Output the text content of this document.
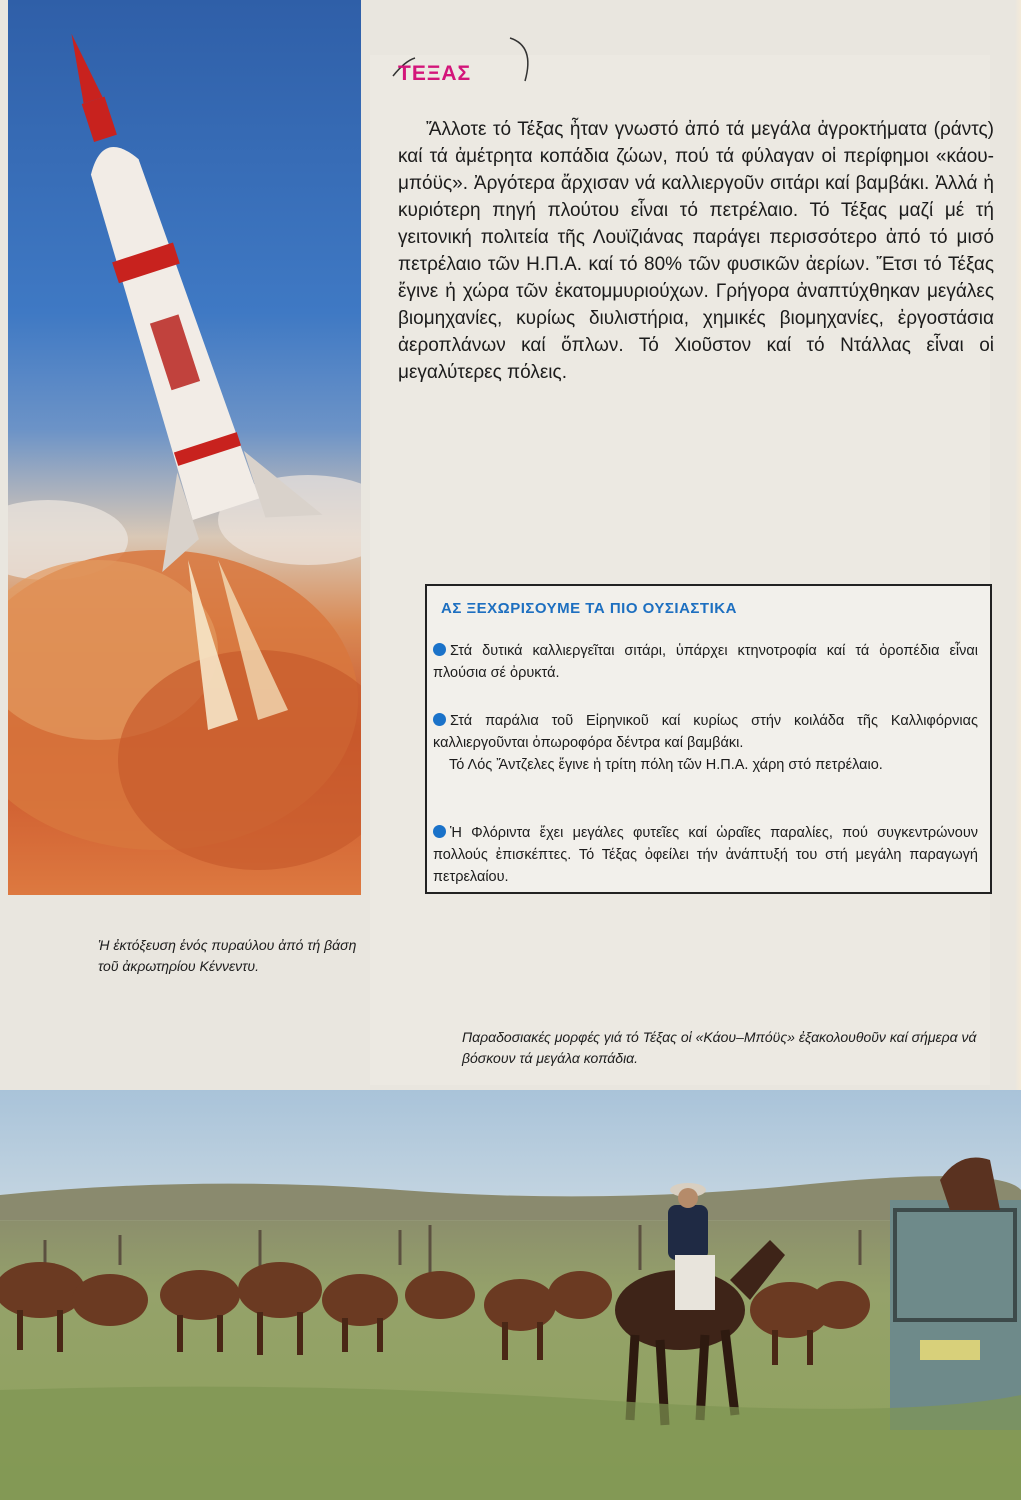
ΤΕΞΑΣ

Ἄλλοτε τό Τέξας ἦταν γνωστό ἀπό τά μεγάλα ἀγροκτήματα (ράντς) καί τά ἀμέτρητα κοπάδια ζώων, πού τά φύλαγαν οἱ περίφημοι «κάου-μπόϋς». Ἀργότερα ἄρχισαν νά καλλιεργοῦν σιτάρι καί βαμβάκι. Ἀλλά ἡ κυριότερη πηγή πλούτου εἶναι τό πετρέλαιο. Τό Τέξας μαζί μέ τή γειτονική πολιτεία τῆς Λουϊζιάνας παράγει περισσότερο ἀπό τό μισό πετρέλαιο τῶν Η.Π.Α. καί τό 80% τῶν φυσικῶν ἀερίων. Ἔτσι τό Τέξας ἔγινε ἡ χώρα τῶν ἑκατομμυριούχων. Γρήγορα ἀναπτύχθηκαν μεγάλες βιομηχανίες, κυρίως διυλιστήρια, χημικές βιομηχανίες, ἐργοστάσια ἀεροπλάνων καί ὅπλων. Τό Χιοῦστον καί τό Ντάλλας εἶναι οἱ μεγαλύτερες πόλεις.

ΑΣ ΞΕΧΩΡΙΣΟΥΜΕ ΤΑ ΠΙΟ ΟΥΣΙΑΣΤΙΚΑ
Στά δυτικά καλλιεργεῖται σιτάρι, ὑπάρχει κτηνοτροφία καί τά ὀροπέδια εἶναι πλούσια σέ ὀρυκτά.
Στά παράλια τοῦ Εἰρηνικοῦ καί κυρίως στήν κοιλάδα τῆς Καλλιφόρνιας καλλιεργοῦνται ὀπωροφόρα δέντρα καί βαμβάκι.
Τό Λός Ἄντζελες ἔγινε ἡ τρίτη πόλη τῶν Η.Π.Α. χάρη στό πετρέλαιο.
Ἡ Φλόριντα ἔχει μεγάλες φυτεῖες καί ὡραῖες παραλίες, πού συγκεντρώνουν πολλούς ἐπισκέπτες. Τό Τέξας ὀφείλει τήν ἀνάπτυξή του στή μεγάλη παραγωγή πετρελαίου.
Ἡ ἐκτόξευση ἑνός πυραύλου ἀπό τή βάση τοῦ ἀκρωτηρίου Κέννεντυ.
Παραδοσιακές μορφές γιά τό Τέξας οἱ «Κάου–Μπόϋς» ἐξακολουθοῦν καί σήμερα νά βόσκουν τά μεγάλα κοπάδια.
